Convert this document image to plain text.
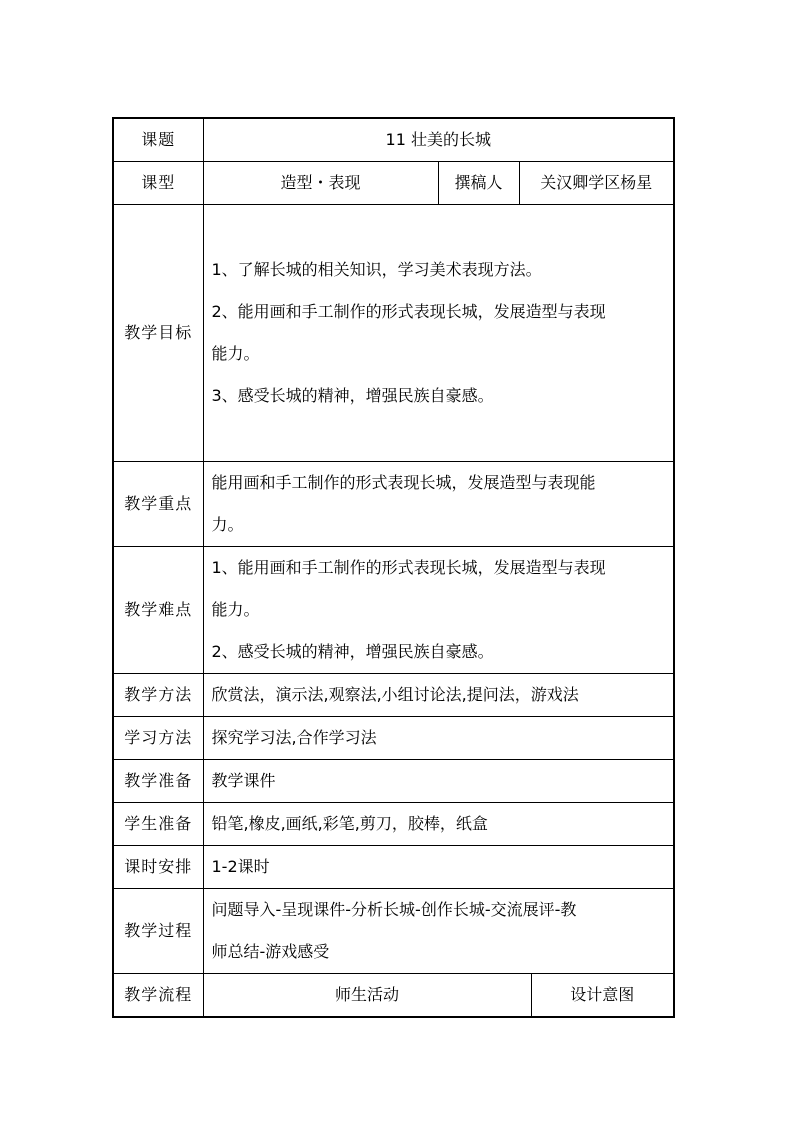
课题	11 壮美的长城			
课型	造型・表现	撰稿人	关汉卿学区杨星	
教学目标	1、了解长城的相关知识，学习美术表现方法。
2、能用画和手工制作的形式表现长城，发展造型与表现
能力。
3、感受长城的精神，增强民族自豪感。			

教学重点	能用画和手工制作的形式表现长城，发展造型与表现能
力。			

教学难点	1、能用画和手工制作的形式表现长城，发展造型与表现
能力。
2、感受长城的精神，增强民族自豪感。			

教学方法	欣赏法，演示法,观察法,小组讨论法,提问法，游戏法			
学习方法	探究学习法,合作学习法			
教学准备	教学课件			
学生准备	铅笔,橡皮,画纸,彩笔,剪刀，胶棒，纸盒			
课时安排	1-2课时			
教学过程	问题导入-呈现课件-分析长城-创作长城-交流展评-教
师总结-游戏感受			

教学流程	师生活动			设计意图
